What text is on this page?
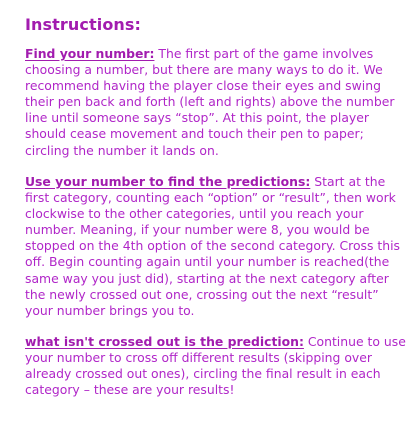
Instructions:

Find your number: The first part of the game involves choosing a number, but there are many ways to do it. We recommend having the player close their eyes and swing their pen back and forth (left and rights) above the number line until someone says “stop”. At this point, the player should cease movement and touch their pen to paper; circling the number it lands on.

Use your number to find the predictions: Start at the first category, counting each “option” or “result”, then work clockwise to the other categories, until you reach your number. Meaning, if your number were 8, you would be stopped on the 4th option of the second category. Cross this off. Begin counting again until your number is reached(the same way you just did), starting at the next category after the newly crossed out one, crossing out the next “result” your number brings you to.

what isn't crossed out is the prediction: Continue to use your number to cross off different results (skipping over already crossed out ones), circling the final result in each category – these are your results!
